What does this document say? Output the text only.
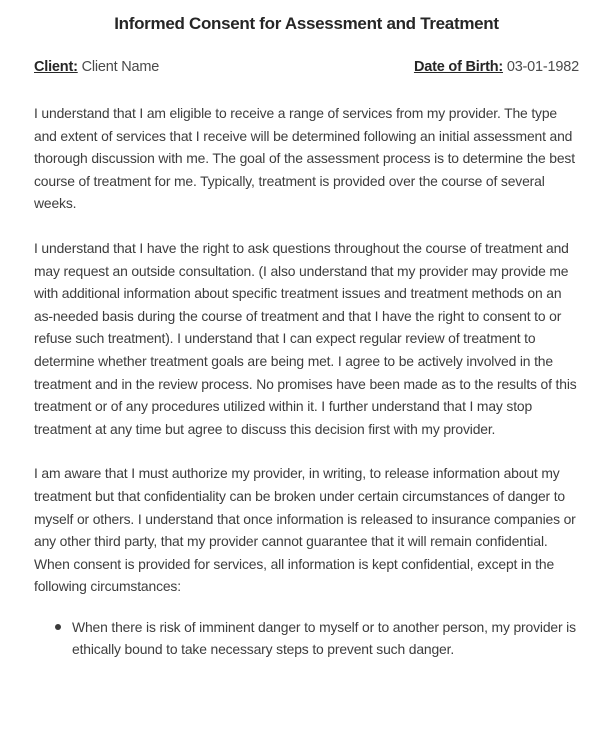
Informed Consent for Assessment and Treatment
Client: Client Name	Date of Birth: 03-01-1982

I understand that I am eligible to receive a range of services from my provider. The type and extent of services that I receive will be determined following an initial assessment and thorough discussion with me. The goal of the assessment process is to determine the best course of treatment for me. Typically, treatment is provided over the course of several weeks.

I understand that I have the right to ask questions throughout the course of treatment and may request an outside consultation. (I also understand that my provider may provide me with additional information about specific treatment issues and treatment methods on an as-needed basis during the course of treatment and that I have the right to consent to or refuse such treatment). I understand that I can expect regular review of treatment to determine whether treatment goals are being met. I agree to be actively involved in the treatment and in the review process. No promises have been made as to the results of this treatment or of any procedures utilized within it. I further understand that I may stop treatment at any time but agree to discuss this decision first with my provider.

I am aware that I must authorize my provider, in writing, to release information about my treatment but that confidentiality can be broken under certain circumstances of danger to myself or others. I understand that once information is released to insurance companies or any other third party, that my provider cannot guarantee that it will remain confidential. When consent is provided for services, all information is kept confidential, except in the following circumstances:

When there is risk of imminent danger to myself or to another person, my provider is ethically bound to take necessary steps to prevent such danger.
